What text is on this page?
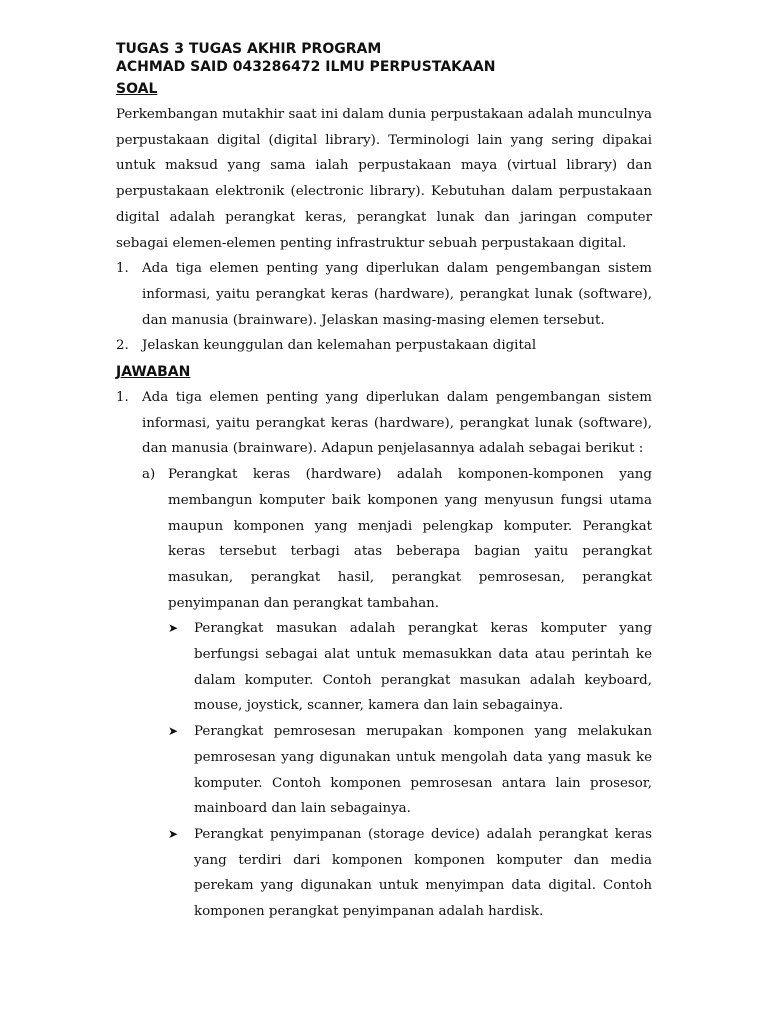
TUGAS 3 TUGAS AKHIR PROGRAM

ACHMAD SAID 043286472 ILMU PERPUSTAKAAN

SOAL

Perkembangan mutakhir saat ini dalam dunia perpustakaan adalah munculnya perpustakaan digital (digital library). Terminologi lain yang sering dipakai untuk maksud yang sama ialah perpustakaan maya (virtual library) dan perpustakaan elektronik (electronic library). Kebutuhan dalam perpustakaan digital adalah perangkat keras, perangkat lunak dan jaringan computer sebagai elemen-elemen penting infrastruktur sebuah perpustakaan digital.

1. Ada tiga elemen penting yang diperlukan dalam pengembangan sistem informasi, yaitu perangkat keras (hardware), perangkat lunak (software), dan manusia (brainware). Jelaskan masing-masing elemen tersebut.
2. Jelaskan keunggulan dan kelemahan perpustakaan digital

JAWABAN

1. Ada tiga elemen penting yang diperlukan dalam pengembangan sistem informasi, yaitu perangkat keras (hardware), perangkat lunak (software), dan manusia (brainware). Adapun penjelasannya adalah sebagai berikut :
a) Perangkat keras (hardware) adalah komponen-komponen yang membangun komputer baik komponen yang menyusun fungsi utama maupun komponen yang menjadi pelengkap komputer. Perangkat keras tersebut terbagi atas beberapa bagian yaitu perangkat masukan, perangkat hasil, perangkat pemrosesan, perangkat penyimpanan dan perangkat tambahan.
➤	Perangkat masukan adalah perangkat keras komputer yang berfungsi sebagai alat untuk memasukkan data atau perintah ke dalam komputer. Contoh perangkat masukan adalah keyboard, mouse, joystick, scanner, kamera dan lain sebagainya.
➤	Perangkat pemrosesan merupakan komponen yang melakukan pemrosesan yang digunakan untuk mengolah data yang masuk ke komputer. Contoh komponen pemrosesan antara lain prosesor, mainboard dan lain sebagainya.
➤	Perangkat penyimpanan (storage device) adalah perangkat keras yang terdiri dari komponen komponen komputer dan media perekam yang digunakan untuk menyimpan data digital. Contoh komponen perangkat penyimpanan adalah hardisk.
